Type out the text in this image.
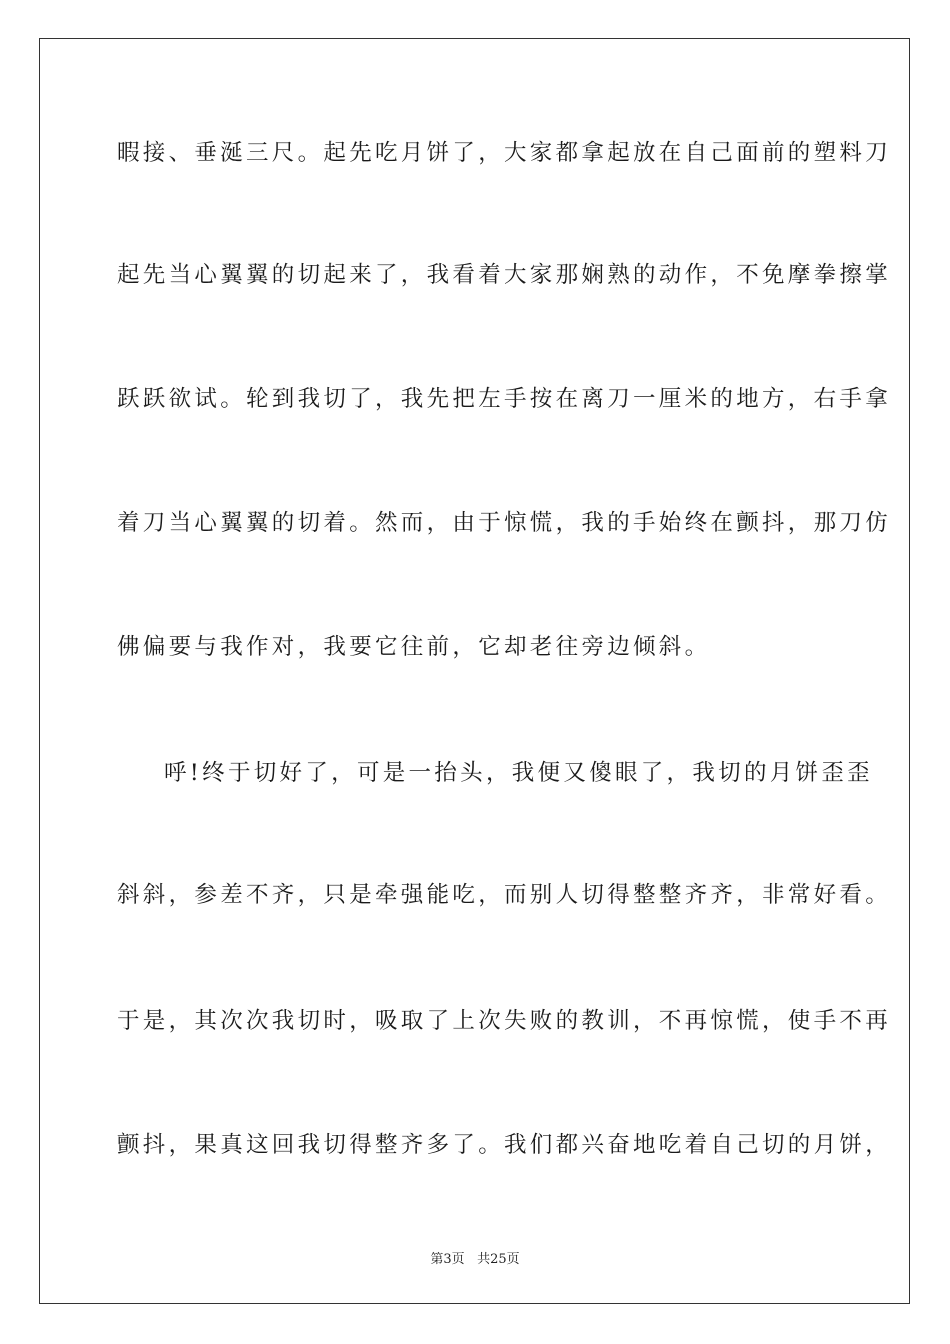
暇接、垂涎三尺。起先吃月饼了，大家都拿起放在自己面前的塑料刀
起先当心翼翼的切起来了，我看着大家那娴熟的动作，不免摩拳擦掌
跃跃欲试。轮到我切了，我先把左手按在离刀一厘米的地方，右手拿
着刀当心翼翼的切着。然而，由于惊慌，我的手始终在颤抖，那刀仿
佛偏要与我作对，我要它往前，它却老往旁边倾斜。
呼!终于切好了，可是一抬头，我便又傻眼了，我切的月饼歪歪
斜斜，参差不齐，只是牵强能吃，而别人切得整整齐齐，非常好看。
于是，其次次我切时，吸取了上次失败的教训，不再惊慌，使手不再
颤抖，果真这回我切得整齐多了。我们都兴奋地吃着自己切的月饼，
第3页 共25页
